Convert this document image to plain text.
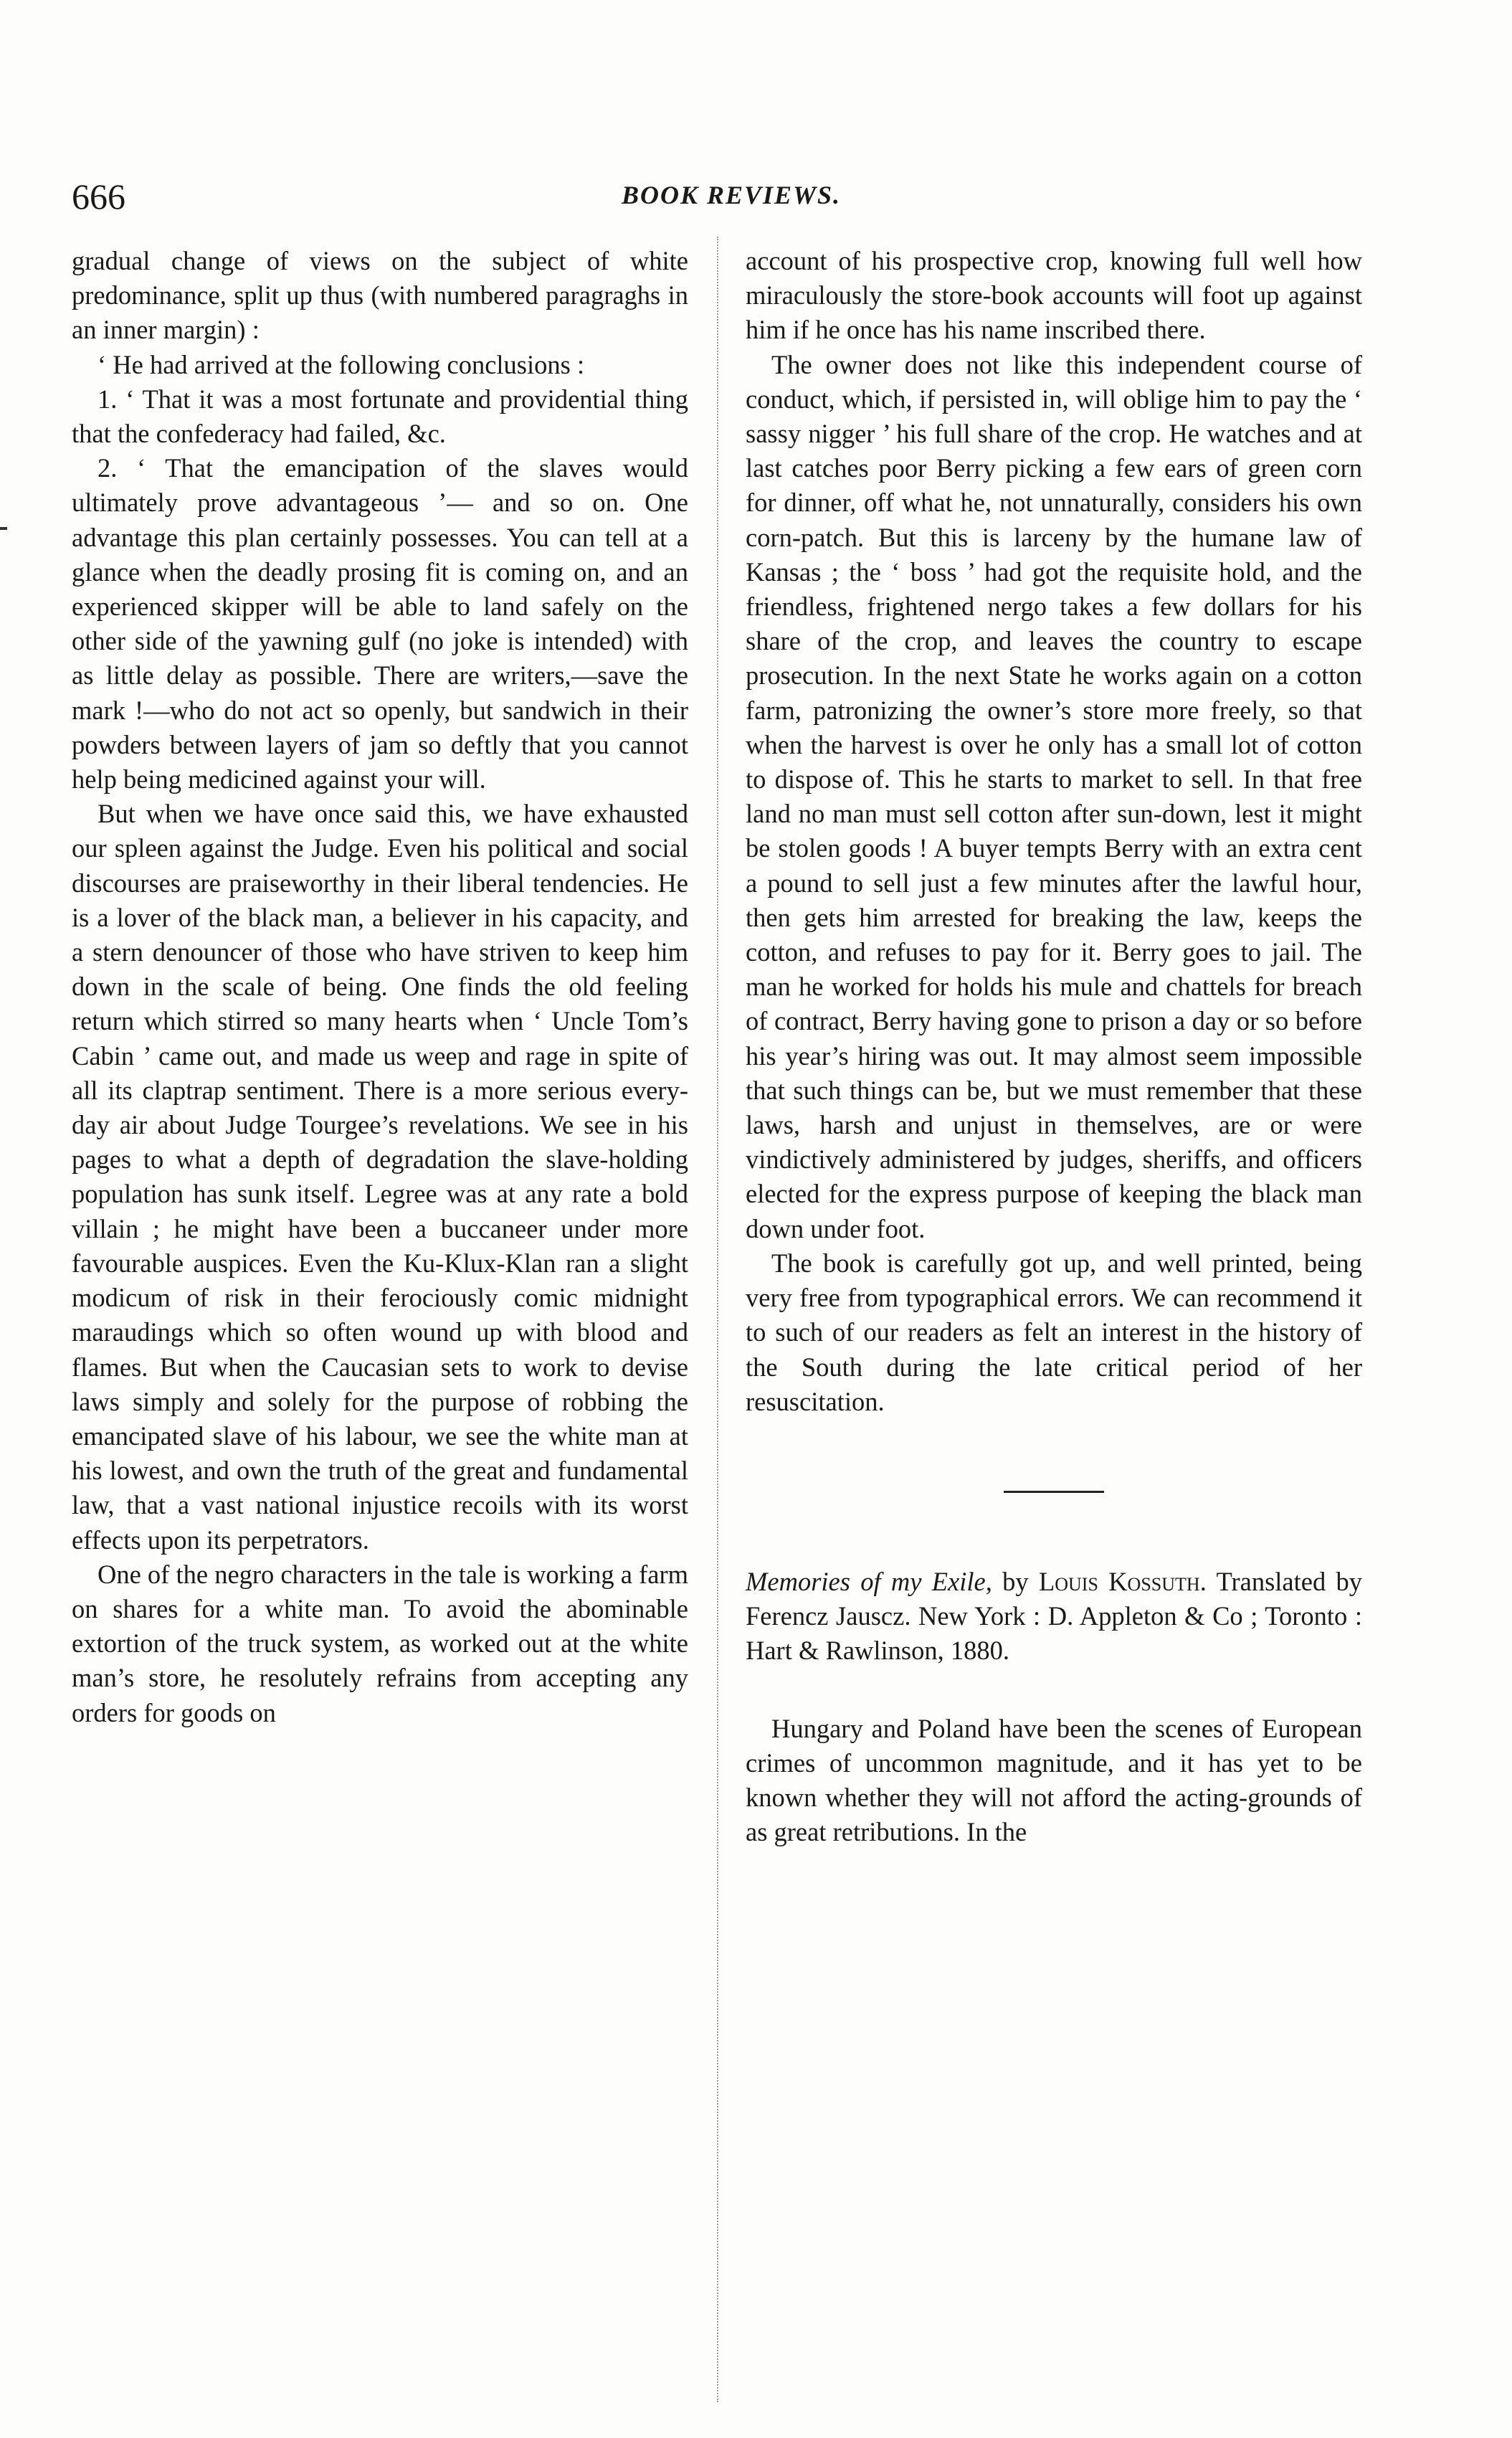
666	BOOK REVIEWS.

gradual change of views on the subject of white predominance, split up thus (with numbered paragraghs in an inner margin) :

‘ He had arrived at the following conclusions :

1. ‘ That it was a most fortunate and providential thing that the confederacy had failed, &c.

2. ‘ That the emancipation of the slaves would ultimately prove advantageous ’— and so on. One advantage this plan certainly possesses. You can tell at a glance when the deadly prosing fit is coming on, and an experienced skipper will be able to land safely on the other side of the yawning gulf (no joke is intended) with as little delay as possible. There are writers,—save the mark !—who do not act so openly, but sandwich in their powders between layers of jam so deftly that you cannot help being medicined against your will.

But when we have once said this, we have exhausted our spleen against the Judge. Even his political and social discourses are praiseworthy in their liberal tendencies. He is a lover of the black man, a believer in his capacity, and a stern denouncer of those who have striven to keep him down in the scale of being. One finds the old feeling return which stirred so many hearts when ‘ Uncle Tom’s Cabin ’ came out, and made us weep and rage in spite of all its claptrap sentiment. There is a more serious every-day air about Judge Tourgee’s revelations. We see in his pages to what a depth of degradation the slave-holding population has sunk itself. Legree was at any rate a bold villain ; he might have been a buccaneer under more favourable auspices. Even the Ku-Klux-Klan ran a slight modicum of risk in their ferociously comic midnight maraudings which so often wound up with blood and flames. But when the Caucasian sets to work to devise laws simply and solely for the purpose of robbing the emancipated slave of his labour, we see the white man at his lowest, and own the truth of the great and fundamental law, that a vast national injustice recoils with its worst effects upon its perpetrators.

One of the negro characters in the tale is working a farm on shares for a white man. To avoid the abominable extortion of the truck system, as worked out at the white man’s store, he resolutely refrains from accepting any orders for goods on

account of his prospective crop, knowing full well how miraculously the store-book accounts will foot up against him if he once has his name inscribed there.

The owner does not like this independent course of conduct, which, if persisted in, will oblige him to pay the ‘ sassy nigger ’ his full share of the crop. He watches and at last catches poor Berry picking a few ears of green corn for dinner, off what he, not unnaturally, considers his own corn-patch. But this is larceny by the humane law of Kansas ; the ‘ boss ’ had got the requisite hold, and the friendless, frightened nergo takes a few dollars for his share of the crop, and leaves the country to escape prosecution. In the next State he works again on a cotton farm, patronizing the owner’s store more freely, so that when the harvest is over he only has a small lot of cotton to dispose of. This he starts to market to sell. In that free land no man must sell cotton after sun-down, lest it might be stolen goods ! A buyer tempts Berry with an extra cent a pound to sell just a few minutes after the lawful hour, then gets him arrested for breaking the law, keeps the cotton, and refuses to pay for it. Berry goes to jail. The man he worked for holds his mule and chattels for breach of contract, Berry having gone to prison a day or so before his year’s hiring was out. It may almost seem impossible that such things can be, but we must remember that these laws, harsh and unjust in themselves, are or were vindictively administered by judges, sheriffs, and officers elected for the express purpose of keeping the black man down under foot.

The book is carefully got up, and well printed, being very free from typographical errors. We can recommend it to such of our readers as felt an interest in the history of the South during the late critical period of her resuscitation.

Memories of my Exile, by Louis Kossuth. Translated by Ferencz Jauscz. New York : D. Appleton & Co ; Toronto : Hart & Rawlinson, 1880.

Hungary and Poland have been the scenes of European crimes of uncommon magnitude, and it has yet to be known whether they will not afford the acting-grounds of as great retributions. In the
